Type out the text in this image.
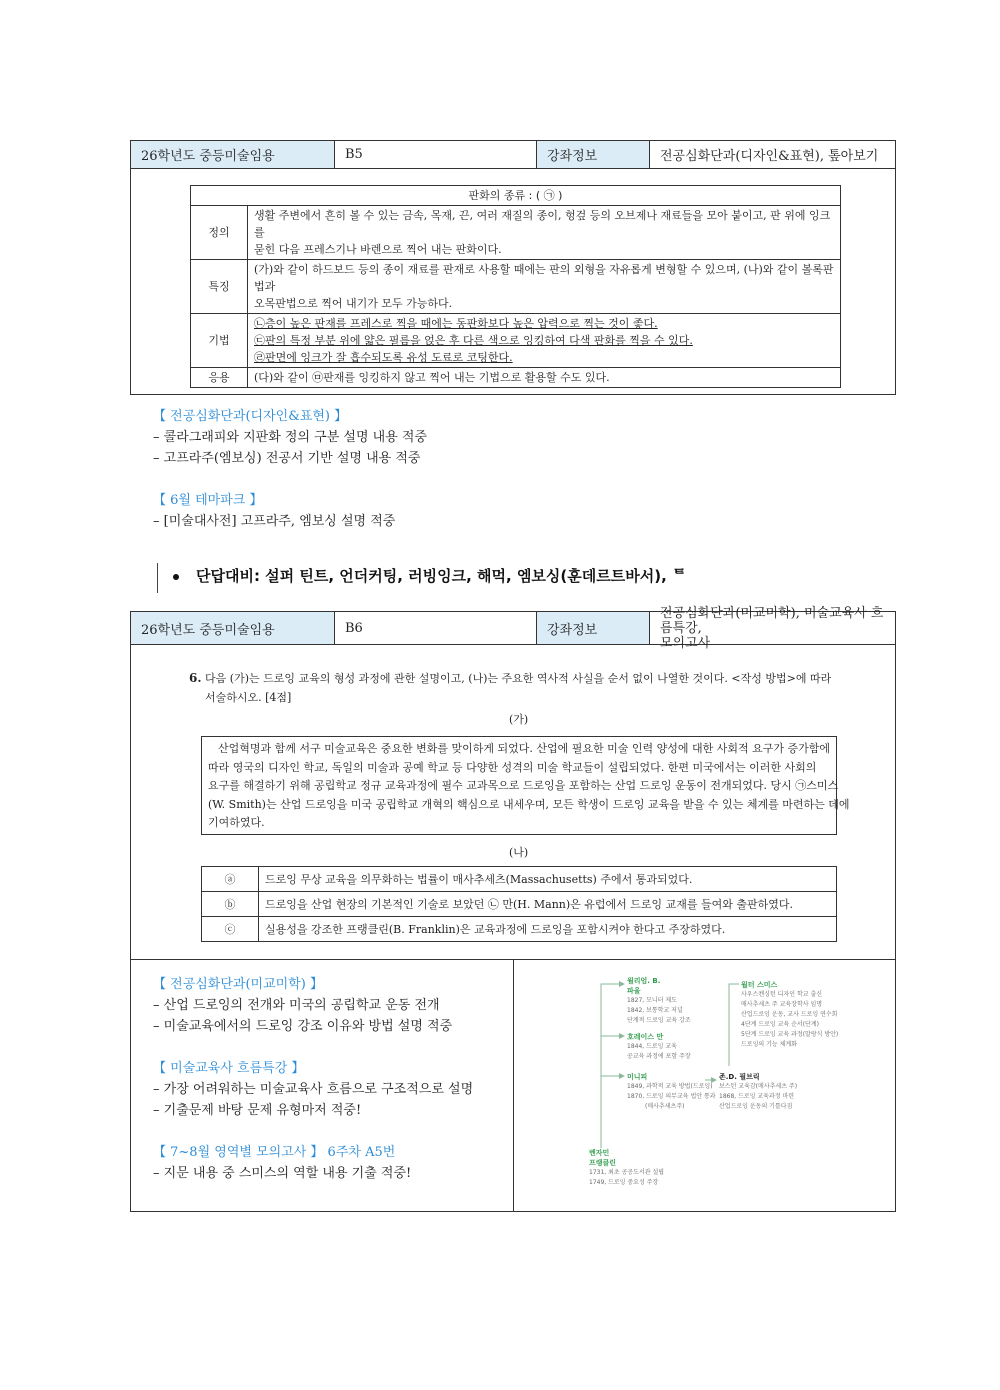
26학년도 중등미술임용	B5	강좌정보	전공심화단과(디자인&표현), 톺아보기
판화의 종류 : ( ㉠ )	
정의	생활 주변에서 흔히 볼 수 있는 금속, 목재, 끈, 여러 재질의 종이, 헝겊 등의 오브제나 재료들을 모아 붙이고, 판 위에 잉크를
묻힌 다음 프레스기나 바렌으로 찍어 내는 판화이다.

특징	(가)와 같이 하드보드 등의 종이 재료를 판재로 사용할 때에는 판의 외형을 자유롭게 변형할 수 있으며, (나)와 같이 볼록판법과
오목판법으로 찍어 내기가 모두 가능하다.

기법	㉡층이 높은 판재를 프레스로 찍을 때에는 동판화보다 높은 압력으로 찍는 것이 좋다.
㉢판의 특정 부분 위에 얇은 필름을 얹은 후 다른 색으로 잉킹하여 다색 판화를 찍을 수 있다.
㉣판면에 잉크가 잘 흡수되도록 유성 도료로 코팅한다.

응용	(다)와 같이 ㉤판재를 잉킹하지 않고 찍어 내는 기법으로 활용할 수도 있다.
【 전공심화단과(디자인&표현) 】
– 콜라그래피와 지판화 정의 구분 설명 내용 적중
– 고프라주(엠보싱) 전공서 기반 설명 내용 적중
【 6월 테마파크 】
– [미술대사전] 고프라주, 엠보싱 설명 적중
단답대비: 설퍼 틴트, 언더커팅, 러빙잉크, 해먹, 엠보싱(훈데르트바서), ᄐ
26학년도 중등미술임용	B6	강좌정보
전공심화단과(미교미학), 미술교육사 흐름특강,
모의고사
6. 다음 (가)는 드로잉 교육의 형성 과정에 관한 설명이고, (나)는 주요한 역사적 사실을 순서 없이 나열한 것이다. <작성 방법>에 따라
서술하시오. [4점]
(가)
산업혁명과 함께 서구 미술교육은 중요한 변화를 맞이하게 되었다. 산업에 필요한 미술 인력 양성에 대한 사회적 요구가 증가함에
따라 영국의 디자인 학교, 독일의 미술과 공예 학교 등 다양한 성격의 미술 학교들이 설립되었다. 한편 미국에서는 이러한 사회의
요구를 해결하기 위해 공립학교 정규 교육과정에 필수 교과목으로 드로잉을 포함하는 산업 드로잉 운동이 전개되었다. 당시 ㉠스미스
(W. Smith)는 산업 드로잉을 미국 공립학교 개혁의 핵심으로 내세우며, 모든 학생이 드로잉 교육을 받을 수 있는 체계를 마련하는 데에
기여하였다.
(나)
ⓐ	드로잉 무상 교육을 의무화하는 법률이 매사추세츠(Massachusetts) 주에서 통과되었다.
ⓑ	드로잉을 산업 현장의 기본적인 기술로 보았던 ㉡ 만(H. Mann)은 유럽에서 드로잉 교재를 들여와 출판하였다.
ⓒ	실용성을 강조한 프랭클린(B. Franklin)은 교육과정에 드로잉을 포함시켜야 한다고 주장하였다.
【 전공심화단과(미교미학) 】
– 산업 드로잉의 전개와 미국의 공립학교 운동 전개
– 미술교육에서의 드로잉 강조 이유와 방법 설명 적중
【 미술교육사 흐름특강 】
– 가장 어려워하는 미술교육사 흐름으로 구조적으로 설명
– 기출문제 바탕 문제 유형마저 적중!
【 7~8월 영역별 모의고사 】 6주차 A5번
– 지문 내용 중 스미스의 역할 내용 기출 적중!
윌리엄. B.
파울
1827, 모니터 제도
1842, 보통학교 저널
단계적 드로잉 교육 강조
호레이스 만
1844, 드로잉 교육
공교육 과정에 포함 주장
미니피
1849, 과학적 교육 방법(드로잉)
1870, 드로잉 의무교육 법안 통과
(매사추세츠주)
월터 스미스
사우스켄싱턴 디자인 학교 출신
매사추세츠 주 교육장학사 임명
산업드로잉 운동, 교사 드로잉 연수회
4단계 드로잉 교육 순서(단계)
5단계 드로잉 교육 과정(말랑식 방안)
드로잉의 기능 체계화
존.D. 필브릭
보스턴 교육감(매사추세츠 주)
1868, 드로잉 교육과정 마련
산업드로잉 운동의 기틀다짐
벤자민
프랭클린
1731, 최초 공공도서관 설립
1749, 드로잉 중요성 주장
